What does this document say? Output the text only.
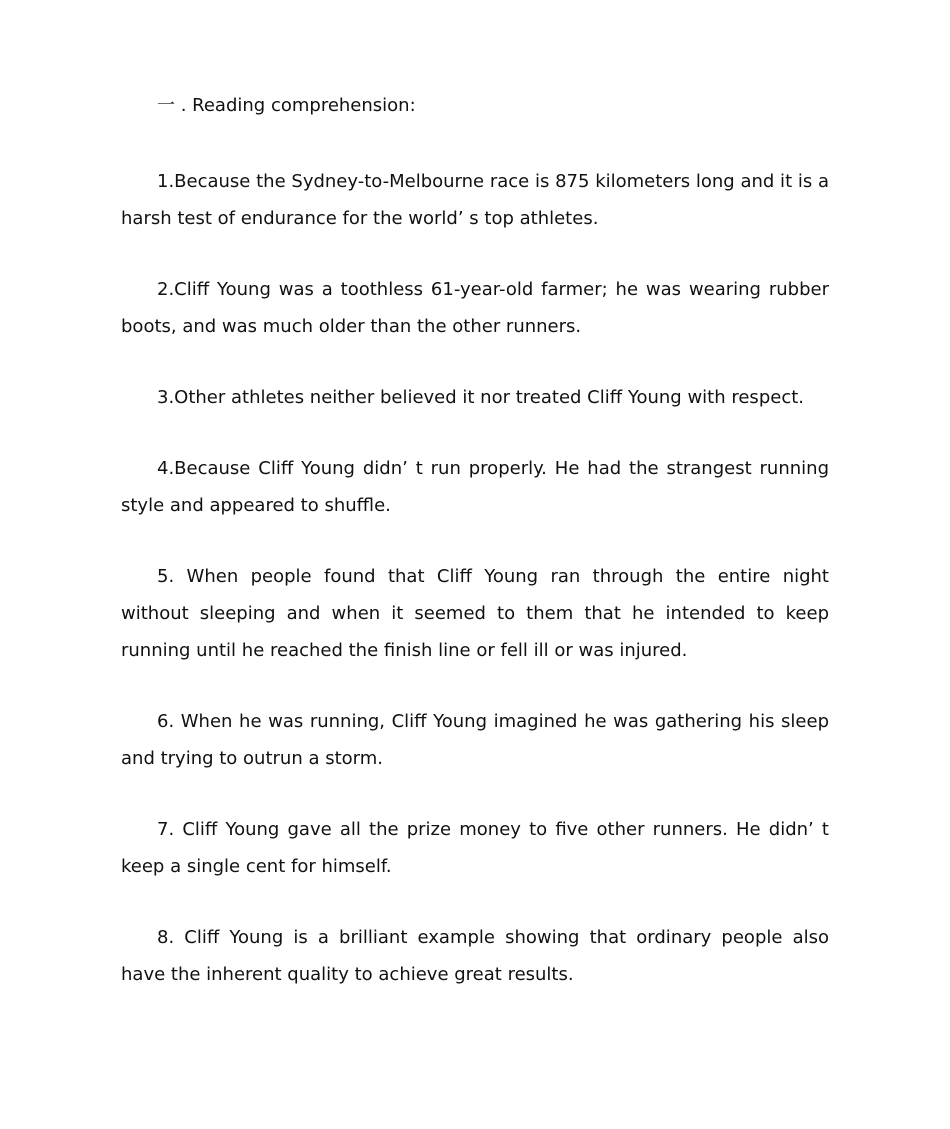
一 . Reading comprehension:

1.Because the Sydney-to-Melbourne race is 875 kilometers long and it is a harsh test of endurance for the world’ s top athletes.

2.Cliff Young was a toothless 61-year-old farmer; he was wearing rubber boots, and was much older than the other runners.

3.Other athletes neither believed it nor treated Cliff Young with respect.

4.Because Cliff Young didn’ t run properly. He had the strangest running style and appeared to shuffle.

5. When people found that Cliff Young ran through the entire night without sleeping and when it seemed to them that he intended to keep running until he reached the finish line or fell ill or was injured.

6. When he was running, Cliff Young imagined he was gathering his sleep and trying to outrun a storm.

7. Cliff Young gave all the prize money to five other runners. He didn’ t keep a single cent for himself.

8. Cliff Young is a brilliant example showing that ordinary people also have the inherent quality to achieve great results.
